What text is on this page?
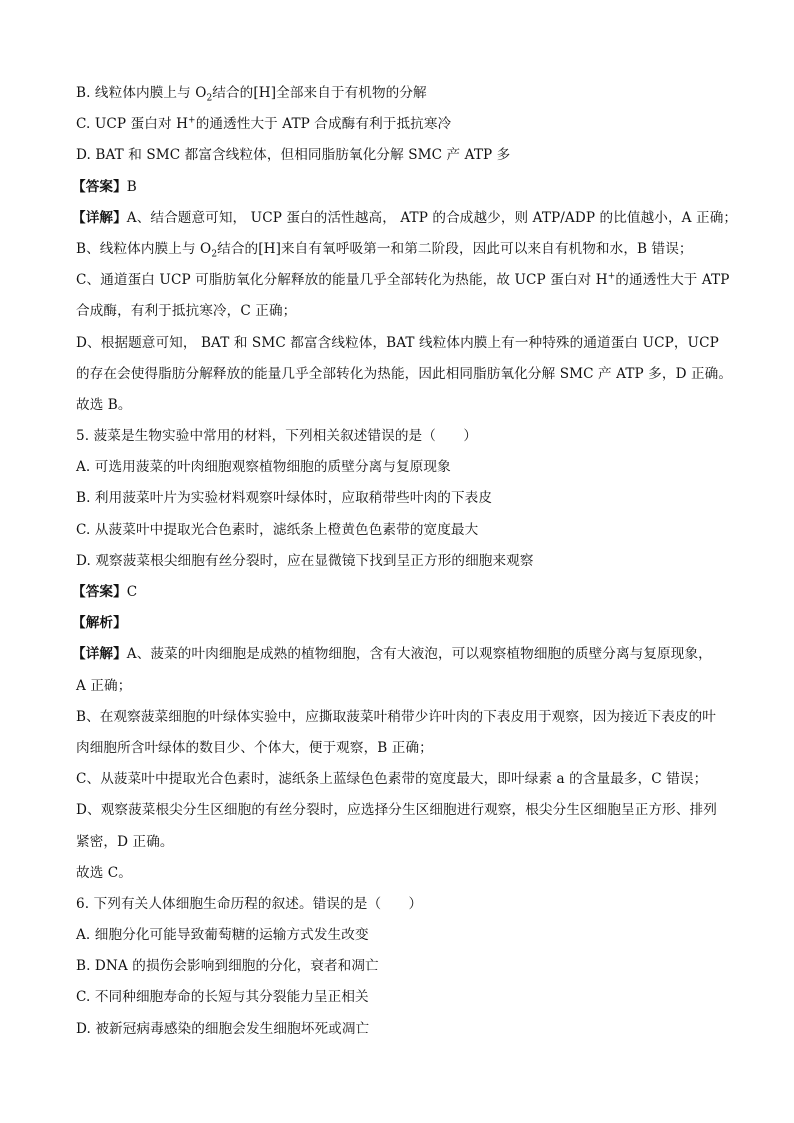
B. 线粒体内膜上与 $O_2$结合的[H]全部来自于有机物的分解
C. UCP 蛋白对 H+的通透性大于 ATP 合成酶有利于抵抗寒冷
D. BAT 和 SMC 都富含线粒体，但相同脂肪氧化分解 SMC 产 ATP 多
【答案】B
【详解】A、结合题意可知， UCP 蛋白的活性越高， ATP 的合成越少，则 ATP/ADP 的比值越小，A 正确；
B、线粒体内膜上与 $O_2$结合的[H]来自有氧呼吸第一和第二阶段，因此可以来自有机物和水，B 错误；
C、通道蛋白 UCP 可脂肪氧化分解释放的能量几乎全部转化为热能，故 UCP 蛋白对 H+的通透性大于 ATP
合成酶，有利于抵抗寒冷，C 正确；
D、根据题意可知， BAT 和 SMC 都富含线粒体，BAT 线粒体内膜上有一种特殊的通道蛋白 UCP，UCP
的存在会使得脂肪分解释放的能量几乎全部转化为热能，因此相同脂肪氧化分解 SMC 产 ATP 多，D 正确。
故选 B。
5. 菠菜是生物实验中常用的材料，下列相关叙述错误的是（　　）
A. 可选用菠菜的叶肉细胞观察植物细胞的质壁分离与复原现象
B. 利用菠菜叶片为实验材料观察叶绿体时，应取稍带些叶肉的下表皮
C. 从菠菜叶中提取光合色素时，滤纸条上橙黄色色素带的宽度最大
D. 观察菠菜根尖细胞有丝分裂时，应在显微镜下找到呈正方形的细胞来观察
【答案】C
【解析】
【详解】A、菠菜的叶肉细胞是成熟的植物细胞，含有大液泡，可以观察植物细胞的质壁分离与复原现象，
A 正确；
B、在观察菠菜细胞的叶绿体实验中，应撕取菠菜叶稍带少许叶肉的下表皮用于观察，因为接近下表皮的叶
肉细胞所含叶绿体的数目少、个体大，便于观察，B 正确；
C、从菠菜叶中提取光合色素时，滤纸条上蓝绿色色素带的宽度最大，即叶绿素 a 的含量最多，C 错误；
D、观察菠菜根尖分生区细胞的有丝分裂时，应选择分生区细胞进行观察，根尖分生区细胞呈正方形、排列
紧密，D 正确。
故选 C。
6. 下列有关人体细胞生命历程的叙述。错误的是（　　）
A. 细胞分化可能导致葡萄糖的运输方式发生改变
B. DNA 的损伤会影响到细胞的分化，衰者和凋亡
C. 不同种细胞寿命的长短与其分裂能力呈正相关
D. 被新冠病毒感染的细胞会发生细胞坏死或凋亡
